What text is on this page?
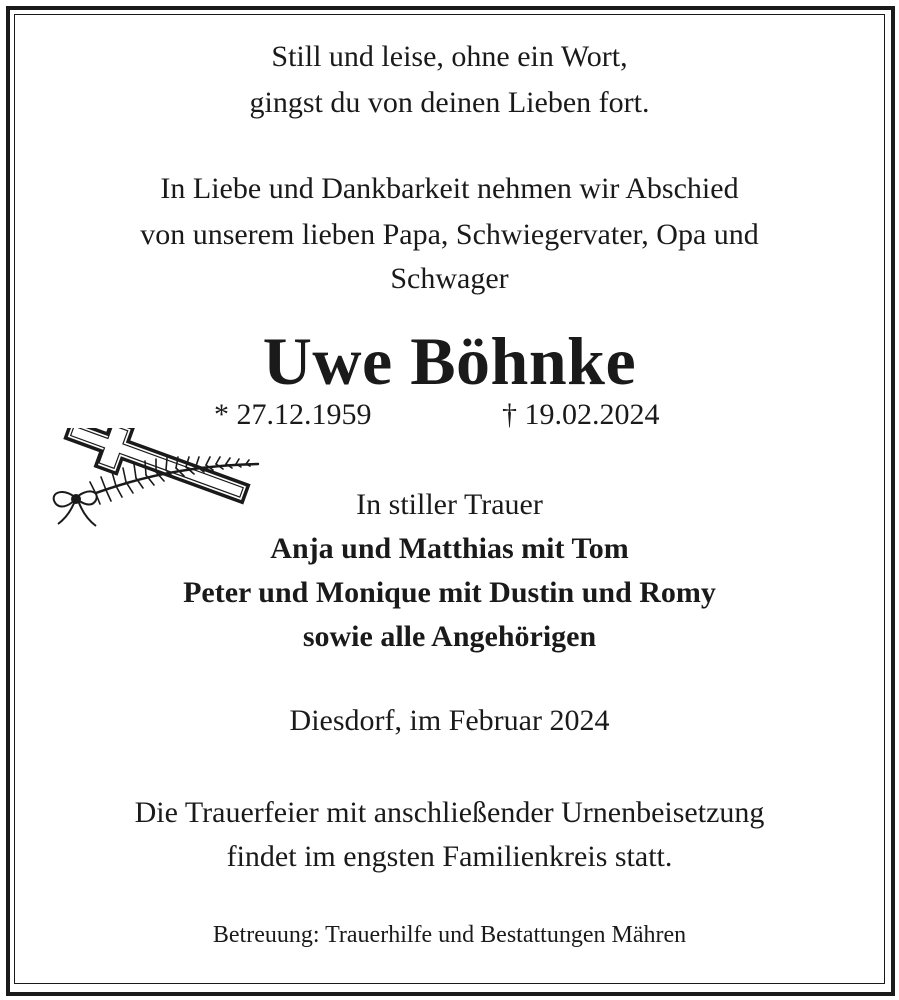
Still und leise, ohne ein Wort,
gingst du von deinen Lieben fort.
In Liebe und Dankbarkeit nehmen wir Abschied
von unserem lieben Papa, Schwiegervater, Opa und
Schwager
Uwe Böhnke
* 27.12.1959	† 19.02.2024
In stiller Trauer
Anja und Matthias mit Tom
Peter und Monique mit Dustin und Romy
sowie alle Angehörigen
Diesdorf, im Februar 2024
Die Trauerfeier mit anschließender Urnenbeisetzung
findet im engsten Familienkreis statt.
Betreuung: Trauerhilfe und Bestattungen Mähren
